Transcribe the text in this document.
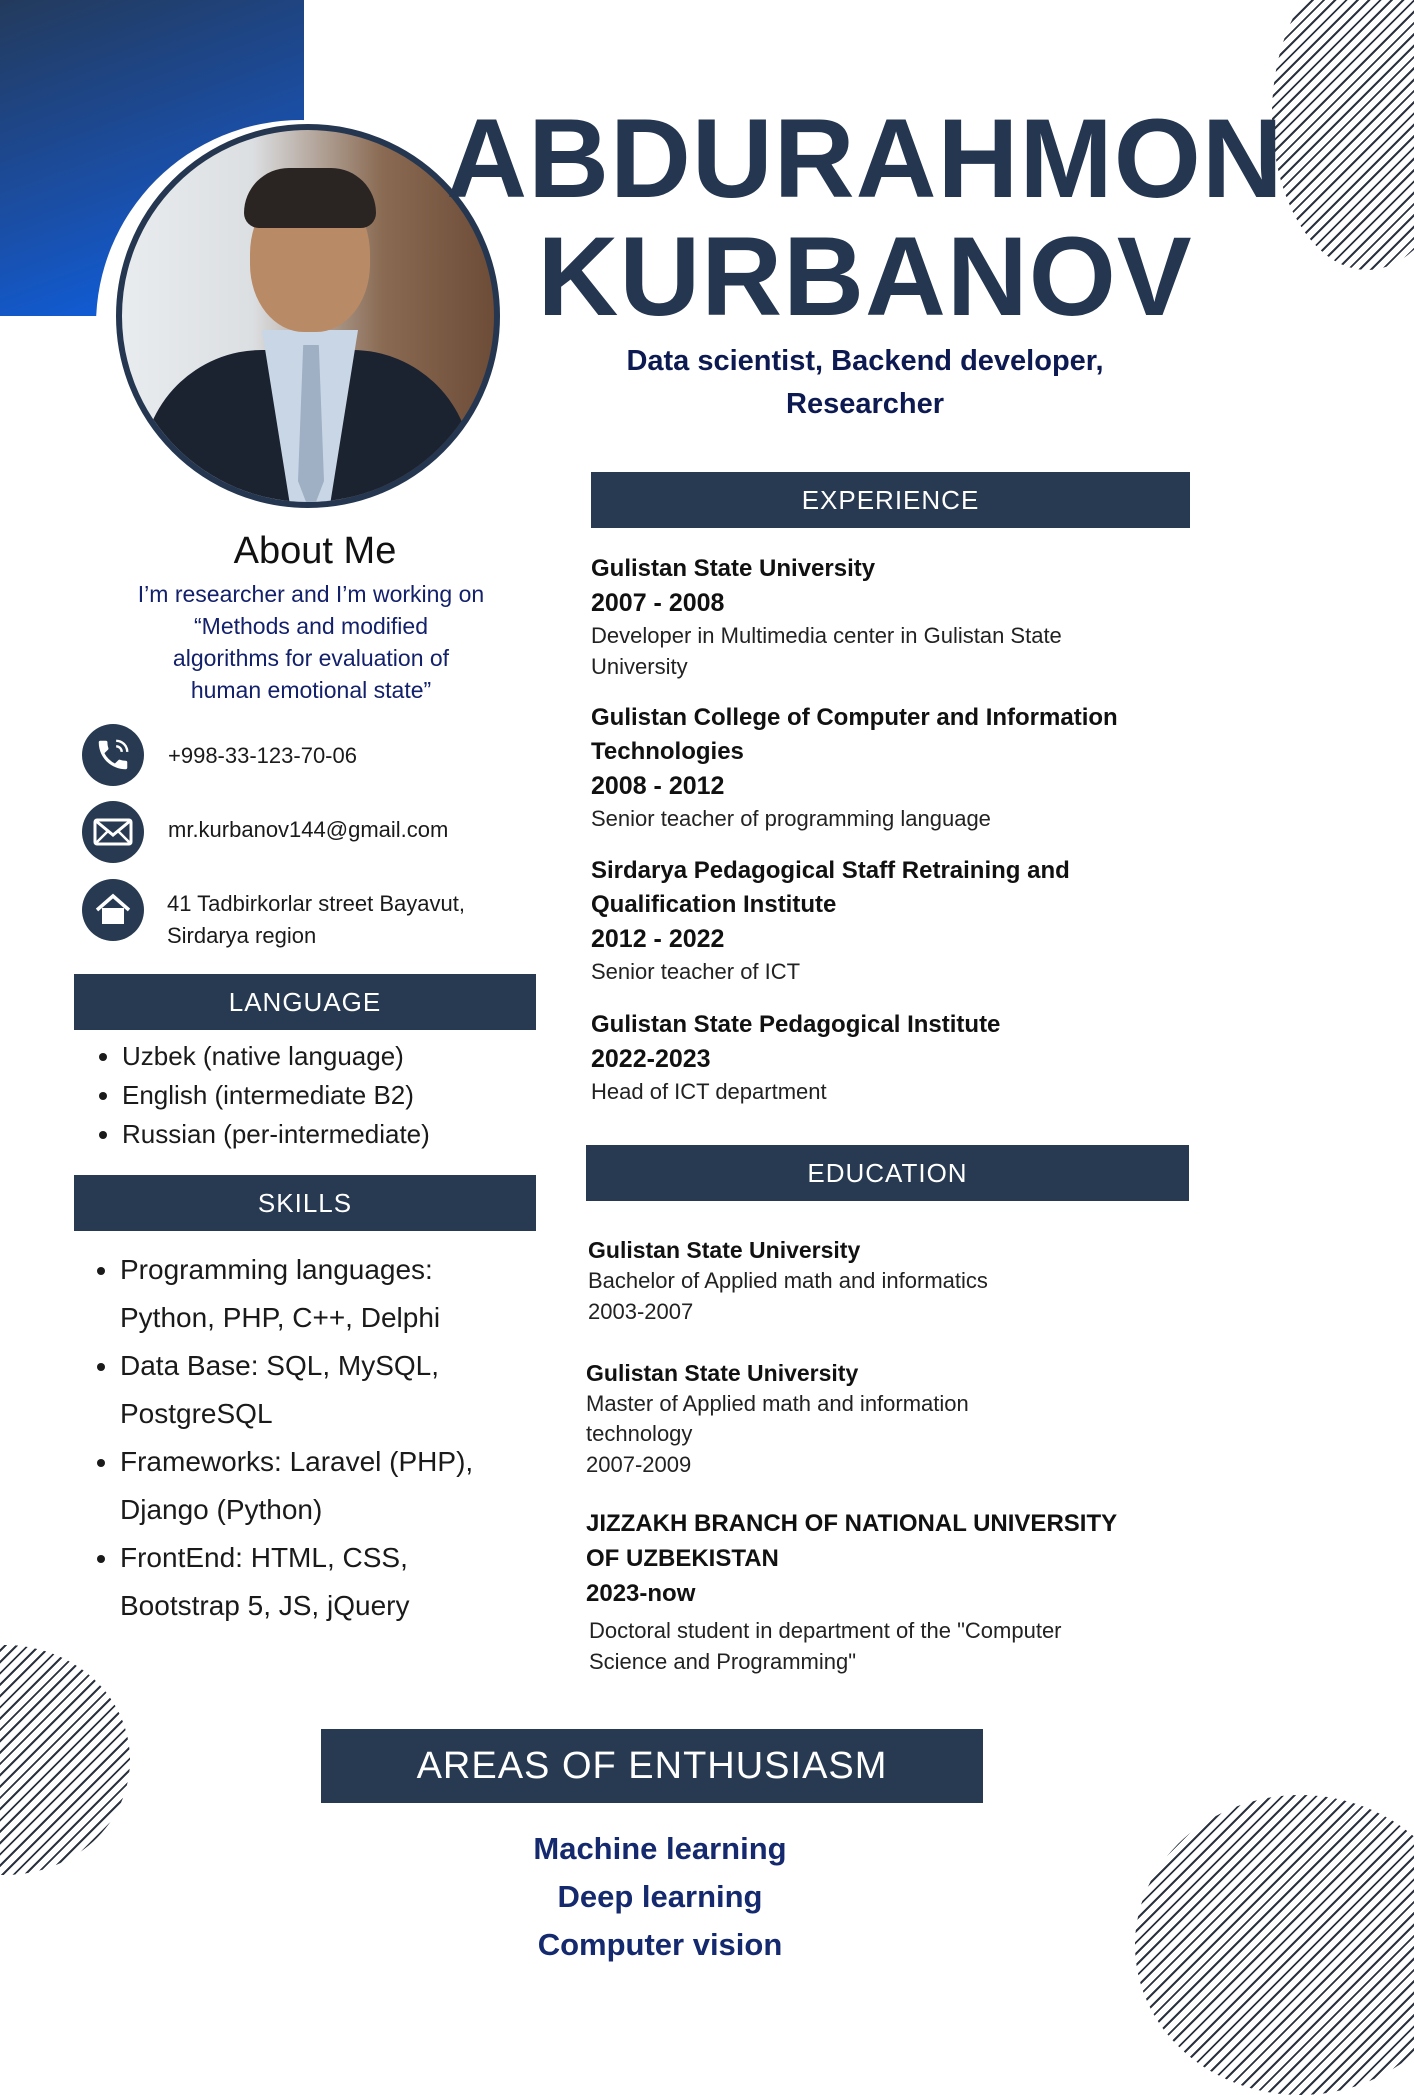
ABDURAHMON
KURBANOV
Data scientist, Backend developer,
Researcher
About Me
I’m researcher and I’m working on
“Methods and modified
algorithms for evaluation of
human emotional state”
+998-33-123-70-06
mr.kurbanov144@gmail.com
41 Tadbirkorlar street Bayavut,
Sirdarya region
LANGUAGE
• Uzbek (native language)
• English (intermediate B2)
• Russian (per-intermediate)
SKILLS
• Programming languages:
Python, PHP, C++, Delphi
• Data Base: SQL, MySQL,
PostgreSQL
• Frameworks: Laravel (PHP),
Django (Python)
• FrontEnd: HTML, CSS,
Bootstrap 5, JS, jQuery
EXPERIENCE
Gulistan State University
2007 - 2008
Developer in Multimedia center in Gulistan State
University
Gulistan College of Computer and Information
Technologies
2008 - 2012
Senior teacher of programming language
Sirdarya Pedagogical Staff Retraining and
Qualification Institute
2012 - 2022
Senior teacher of ICT
Gulistan State Pedagogical Institute
2022-2023
Head of ICT department
EDUCATION
Gulistan State University
Bachelor of Applied math and informatics
2003-2007
Gulistan State University
Master of Applied math and information
technology
2007-2009
JIZZAKH BRANCH OF NATIONAL UNIVERSITY
OF UZBEKISTAN
2023-now
Doctoral student in department of the "Computer
Science and Programming"
AREAS OF ENTHUSIASM
Machine learning
Deep learning
Computer vision
